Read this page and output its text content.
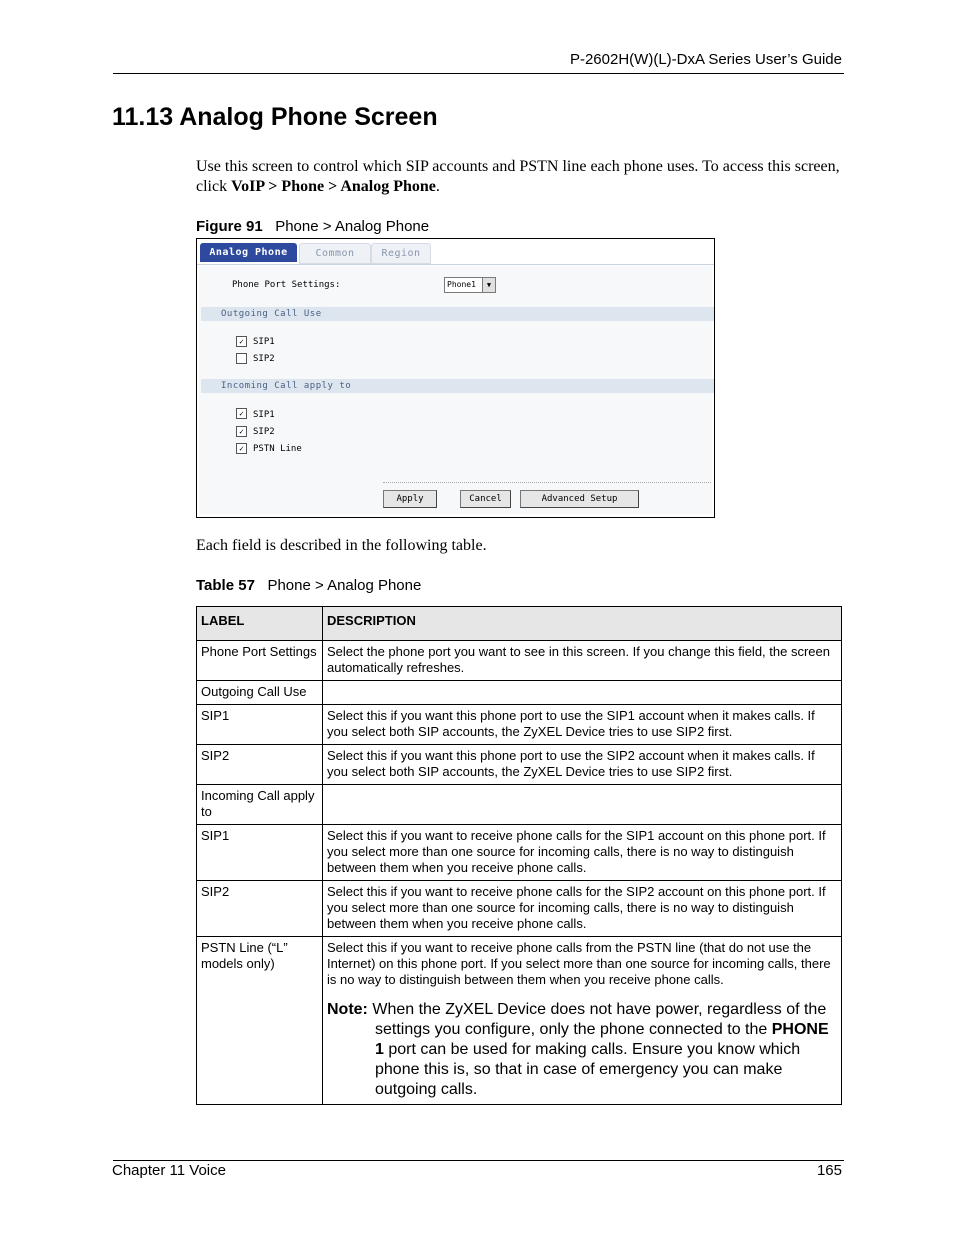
P-2602H(W)(L)-DxA Series User’s Guide
11.13 Analog Phone Screen
Use this screen to control which SIP accounts and PSTN line each phone uses. To access this screen, click VoIP > Phone > Analog Phone.
Figure 91 Phone > Analog Phone
Analog Phone	Common	Region
Phone Port Settings:	Phone1	▼
Outgoing Call Use
✓	SIP1
SIP2
Incoming Call apply to
✓	SIP1
✓	SIP2
✓	PSTN Line
Apply	Cancel	Advanced Setup
Each field is described in the following table.
Table 57 Phone > Analog Phone
LABEL	DESCRIPTION
Phone Port Settings	Select the phone port you want to see in this screen. If you change this field, the screen automatically refreshes.
Outgoing Call Use	
SIP1	Select this if you want this phone port to use the SIP1 account when it makes calls. If you select both SIP accounts, the ZyXEL Device tries to use SIP2 first.
SIP2	Select this if you want this phone port to use the SIP2 account when it makes calls. If you select both SIP accounts, the ZyXEL Device tries to use SIP2 first.
Incoming Call apply to	
SIP1	Select this if you want to receive phone calls for the SIP1 account on this phone port. If you select more than one source for incoming calls, there is no way to distinguish between them when you receive phone calls.
SIP2	Select this if you want to receive phone calls for the SIP2 account on this phone port. If you select more than one source for incoming calls, there is no way to distinguish between them when you receive phone calls.
PSTN Line (“L” models only)	Select this if you want to receive phone calls from the PSTN line (that do not use the Internet) on this phone port. If you select more than one source for incoming calls, there is no way to distinguish between them when you receive phone calls.
Note: When the ZyXEL Device does not have power, regardless of the settings you configure, only the phone connected to the PHONE 1 port can be used for making calls. Ensure you know which phone this is, so that in case of emergency you can make outgoing calls.
Chapter 11 Voice	165
